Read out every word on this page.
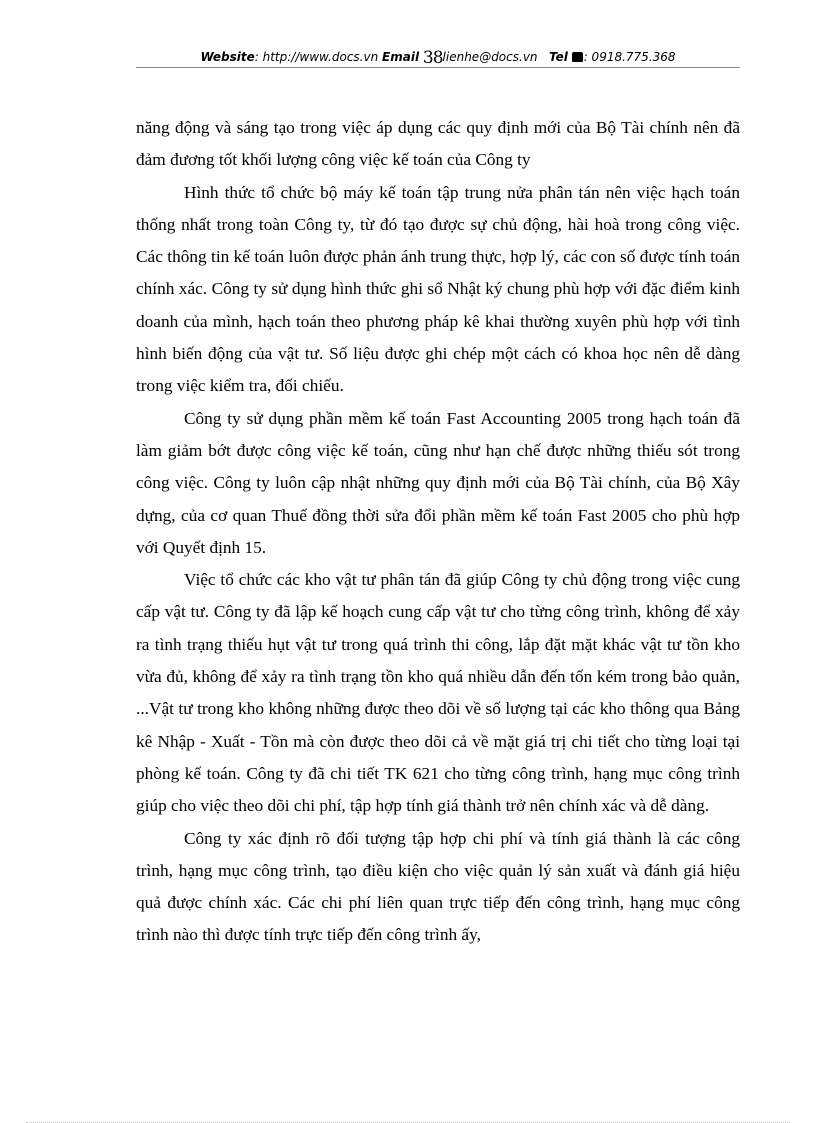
Website: http://www.docs.vn Email 38lienhe@docs.vn Tel : 0918.775.368

năng động và sáng tạo trong việc áp dụng các quy định mới của Bộ Tài chính nên đã đảm đương tốt khối lượng công việc kế toán của Công ty

Hình thức tổ chức bộ máy kế toán tập trung nửa phân tán nên việc hạch toán thống nhất trong toàn Công ty, từ đó tạo được sự chủ động, hài hoà trong công việc. Các thông tin kế toán luôn được phản ánh trung thực, hợp lý, các con số được tính toán chính xác. Công ty sử dụng hình thức ghi sổ Nhật ký chung phù hợp với đặc điểm kinh doanh của mình, hạch toán theo phương pháp kê khai thường xuyên phù hợp với tình hình biến động của vật tư. Số liệu được ghi chép một cách có khoa học nên dễ dàng trong việc kiểm tra, đối chiếu.

Công ty sử dụng phần mềm kế toán Fast Accounting 2005 trong hạch toán đã làm giảm bớt được công việc kế toán, cũng như hạn chế được những thiếu sót trong công việc. Công ty luôn cập nhật những quy định mới của Bộ Tài chính, của Bộ Xây dựng, của cơ quan Thuế đồng thời sửa đổi phần mềm kế toán Fast 2005 cho phù hợp với Quyết định 15.

Việc tổ chức các kho vật tư phân tán đã giúp Công ty chủ động trong việc cung cấp vật tư. Công ty đã lập kế hoạch cung cấp vật tư cho từng công trình, không để xảy ra tình trạng thiếu hụt vật tư trong quá trình thi công, lắp đặt mặt khác vật tư tồn kho vừa đủ, không để xảy ra tình trạng tồn kho quá nhiều dẫn đến tốn kém trong bảo quản, ...Vật tư trong kho không những được theo dõi về số lượng tại các kho thông qua Bảng kê Nhập - Xuất - Tồn mà còn được theo dõi cả về mặt giá trị chi tiết cho từng loại tại phòng kế toán. Công ty đã chi tiết TK 621 cho từng công trình, hạng mục công trình giúp cho việc theo dõi chi phí, tập hợp tính giá thành trở nên chính xác và dễ dàng.

Công ty xác định rõ đối tượng tập hợp chi phí và tính giá thành là các công trình, hạng mục công trình, tạo điều kiện cho việc quản lý sản xuất và đánh giá hiệu quả được chính xác. Các chi phí liên quan trực tiếp đến công trình, hạng mục công trình nào thì được tính trực tiếp đến công trình ấy,
